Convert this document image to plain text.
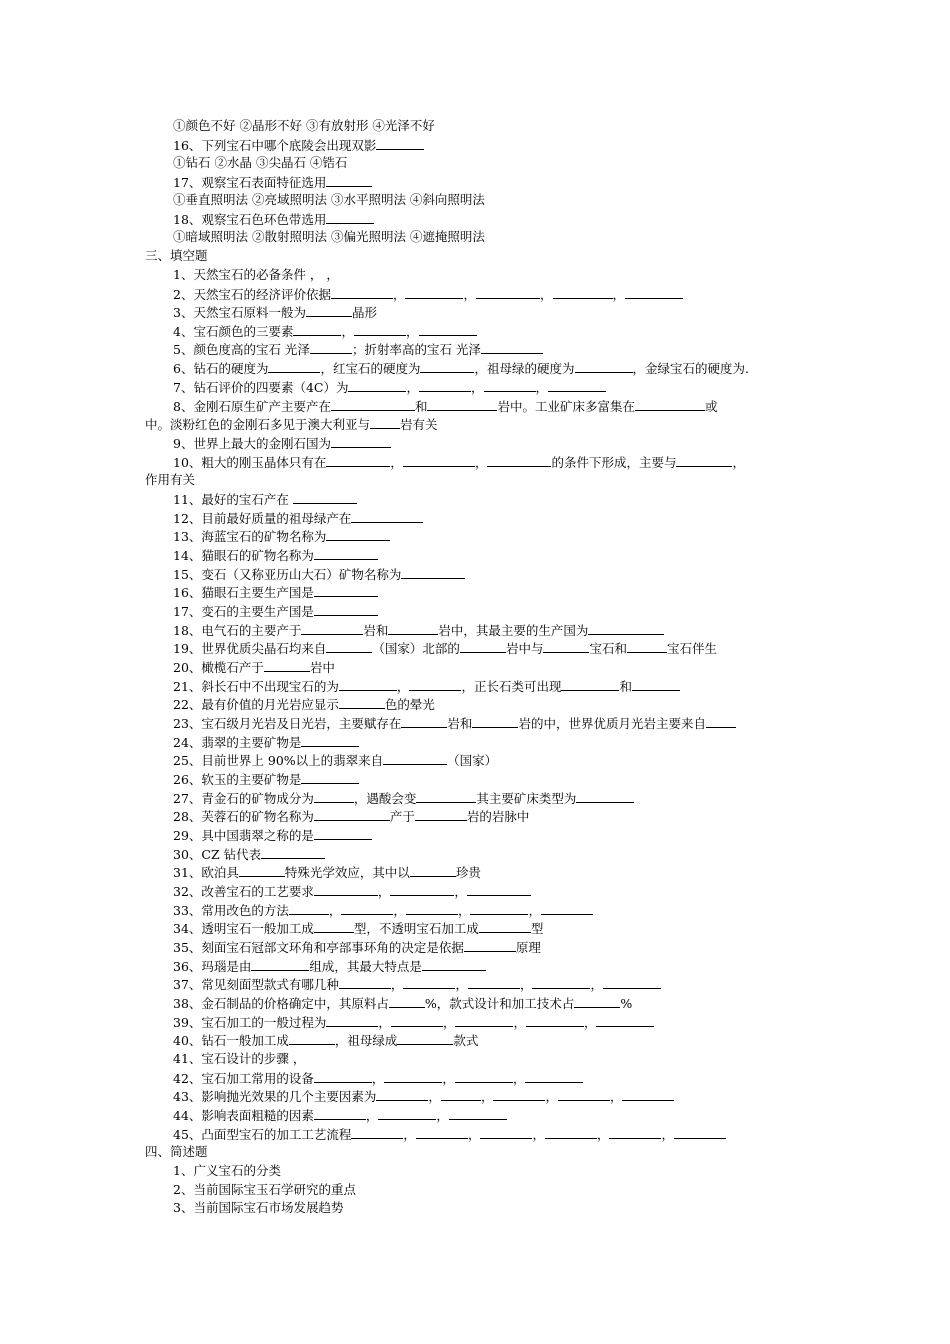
①颜色不好 ②晶形不好 ③有放射形 ④光泽不好
16、下列宝石中哪个底陵会出现双影
①钻石 ②水晶 ③尖晶石 ④锆石
17、观察宝石表面特征选用
①垂直照明法 ②亮域照明法 ③水平照明法 ④斜向照明法
18、观察宝石色环色带选用
①暗域照明法 ②散射照明法 ③偏光照明法 ④遮掩照明法
三、填空题
1、天然宝石的必备条件 ， ，
2、天然宝石的经济评价依据	，	，	，	，
3、天然宝石原料一般为	晶形
4、宝石颜色的三要素	，	，
5、颜色度高的宝石 光泽	；折射率高的宝石 光泽
6、钻石的硬度为	，红宝石的硬度为	，祖母绿的硬度为	，金绿宝石的硬度为.
7、钻石评价的四要素（4C）为	，	，	，
8、金刚石原生矿产主要产在	和	岩中。工业矿床多富集在	或
中。淡粉红色的金刚石多见于澳大利亚与 岩有关
9、世界上最大的金刚石国为
10、粗大的刚玉晶体只有在	，	，	的条件下形成，主要与	，
作用有关
11、最好的宝石产在
12、目前最好质量的祖母绿产在
13、海蓝宝石的矿物名称为
14、猫眼石的矿物名称为
15、变石（又称亚历山大石）矿物名称为
16、猫眼石主要生产国是
17、变石的主要生产国是
18、电气石的主要产于	岩和	岩中，其最主要的生产国为
19、世界优质尖晶石均来自	（国家）北部的	岩中与	宝石和	宝石伴生
20、橄榄石产于	岩中
21、斜长石中不出现宝石的为	，	，正长石类可出现	和
22、最有价值的月光岩应显示	色的晕光
23、宝石级月光岩及日光岩，主要赋存在	岩和	岩的中，世界优质月光岩主要来自
24、翡翠的主要矿物是
25、目前世界上 90%以上的翡翠来自	（国家）
26、软玉的主要矿物是
27、青金石的矿物成分为	，遇酸会变	其主要矿床类型为
28、芙蓉石的矿物名称为	产于	岩的岩脉中
29、具中国翡翠之称的是
30、CZ 钻代表
31、欧泊具	特殊光学效应，其中以	珍贵
32、改善宝石的工艺要求	，	，
33、常用改色的方法	，	，	，	，
34、透明宝石一般加工成	型，不透明宝石加工成	型
35、刻面宝石冠部文环角和亭部事环角的决定是依据	原理
36、玛瑙是由	组成，其最大特点是
37、常见刻面型款式有哪几种	，	，	，	，
38、金石制品的价格确定中，其原料占	%，款式设计和加工技术占	%
39、宝石加工的一般过程为	，	，	，	，
40、钻石一般加工成	，祖母绿成	款式
41、宝石设计的步骤 ，
42、宝石加工常用的设备	，	，	，
43、影响抛光效果的几个主要因素为	，	，	，	，
44、影响表面粗糙的因素	，	，
45、凸面型宝石的加工工艺流程	，	，	，	，	，
四、简述题
1、广义宝石的分类
2、当前国际宝玉石学研究的重点
3、当前国际宝石市场发展趋势
